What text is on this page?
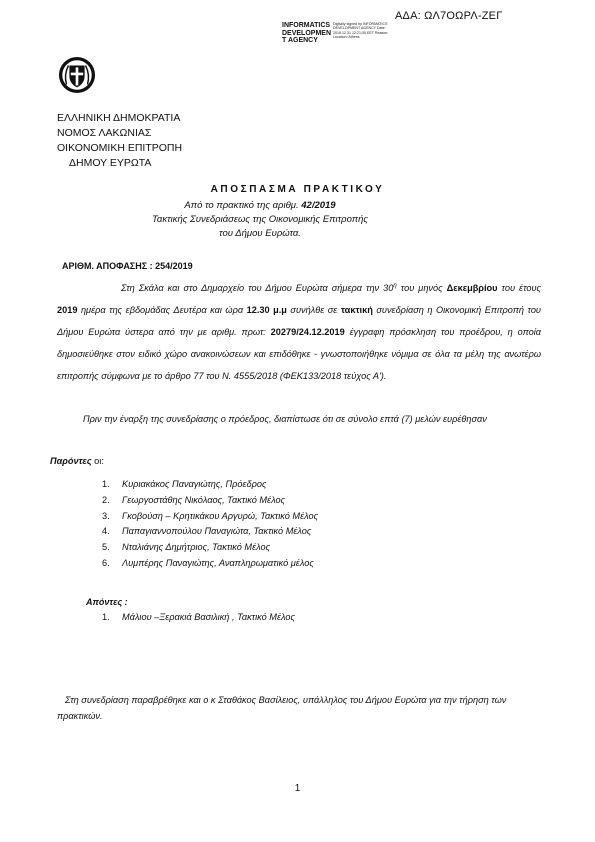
ΑΔΑ: ΩΛ7ΟΩΡΛ-ΖΕΓ
INFORMATICS
DEVELOPMEN
T AGENCY
Digitally signed by INFORMATICS DEVELOPMENT AGENCY Date: 2019.12.31 12:21:50 EET Reason: Location: Athens
ΕΛΛΗΝΙΚΗ ΔΗΜΟΚΡΑΤΙΑ
ΝΟΜΟΣ ΛΑΚΩΝΙΑΣ
ΟΙΚΟΝΟΜΙΚΗ ΕΠΙΤΡΟΠΗ
ΔΗΜΟΥ ΕΥΡΩΤΑ
ΑΠΟΣΠΑΣΜΑ ΠΡΑΚΤΙΚΟΥ
Από το πρακτικό της αριθμ. 42/2019
Τακτικής Συνεδριάσεως της Οικονομικής Επιτροπής
του Δήμου Ευρώτα.
ΑΡΙΘΜ. ΑΠΟΦΑΣΗΣ : 254/2019
Στη Σκάλα και στο Δημαρχείο του Δήμου Ευρώτα σήμερα την $30^\eta$ του μηνός Δεκεμβρίου του έτους 2019 ημέρα της εβδομάδας Δευτέρα και ώρα 12.30 μ.μ συνήλθε σε τακτική συνεδρίαση η Οικονομική Επιτροπή του Δήμου Ευρώτα ύστερα από την με αριθμ. πρωτ: 20279/24.12.2019 έγγραφη πρόσκληση του προέδρου, η οποία δημοσιεύθηκε στον ειδικό χώρο ανακοινώσεων και επιδόθηκε - γνωστοποιήθηκε νόμιμα σε όλα τα μέλη της ανωτέρω επιτροπής σύμφωνα με το άρθρο 77 του Ν. 4555/2018 (ΦΕΚ133/2018 τεύχος Α').
Πριν την έναρξη της συνεδρίασης ο πρόεδρος, διαπίστωσε ότι σε σύνολο επτά (7) μελών ευρέθησαν
Παρόντες οι:
1. Κυριακάκος Παναγιώτης, Πρόεδρος
2. Γεωργοστάθης Νικόλαος, Τακτικό Μέλος
3. Γκοβούση – Κρητικάκου Αργυρώ, Τακτικό Μέλος
4. Παπαγιαννοπούλου Παναγιώτα, Τακτικό Μέλος
5. Νταλιάνης Δημήτριος, Τακτικό Μέλος
6. Λυμπέρης Παναγιώτης, Αναπληρωματικό μέλος
Απόντες :
1. Μάλιου –Ξερακιά Βασιλική , Τακτικό Μέλος
Στη συνεδρίαση παραβρέθηκε και ο κ Σταθάκος Βασίλειος, υπάλληλος του Δήμου Ευρώτα για την τήρηση των πρακτικών.
1
